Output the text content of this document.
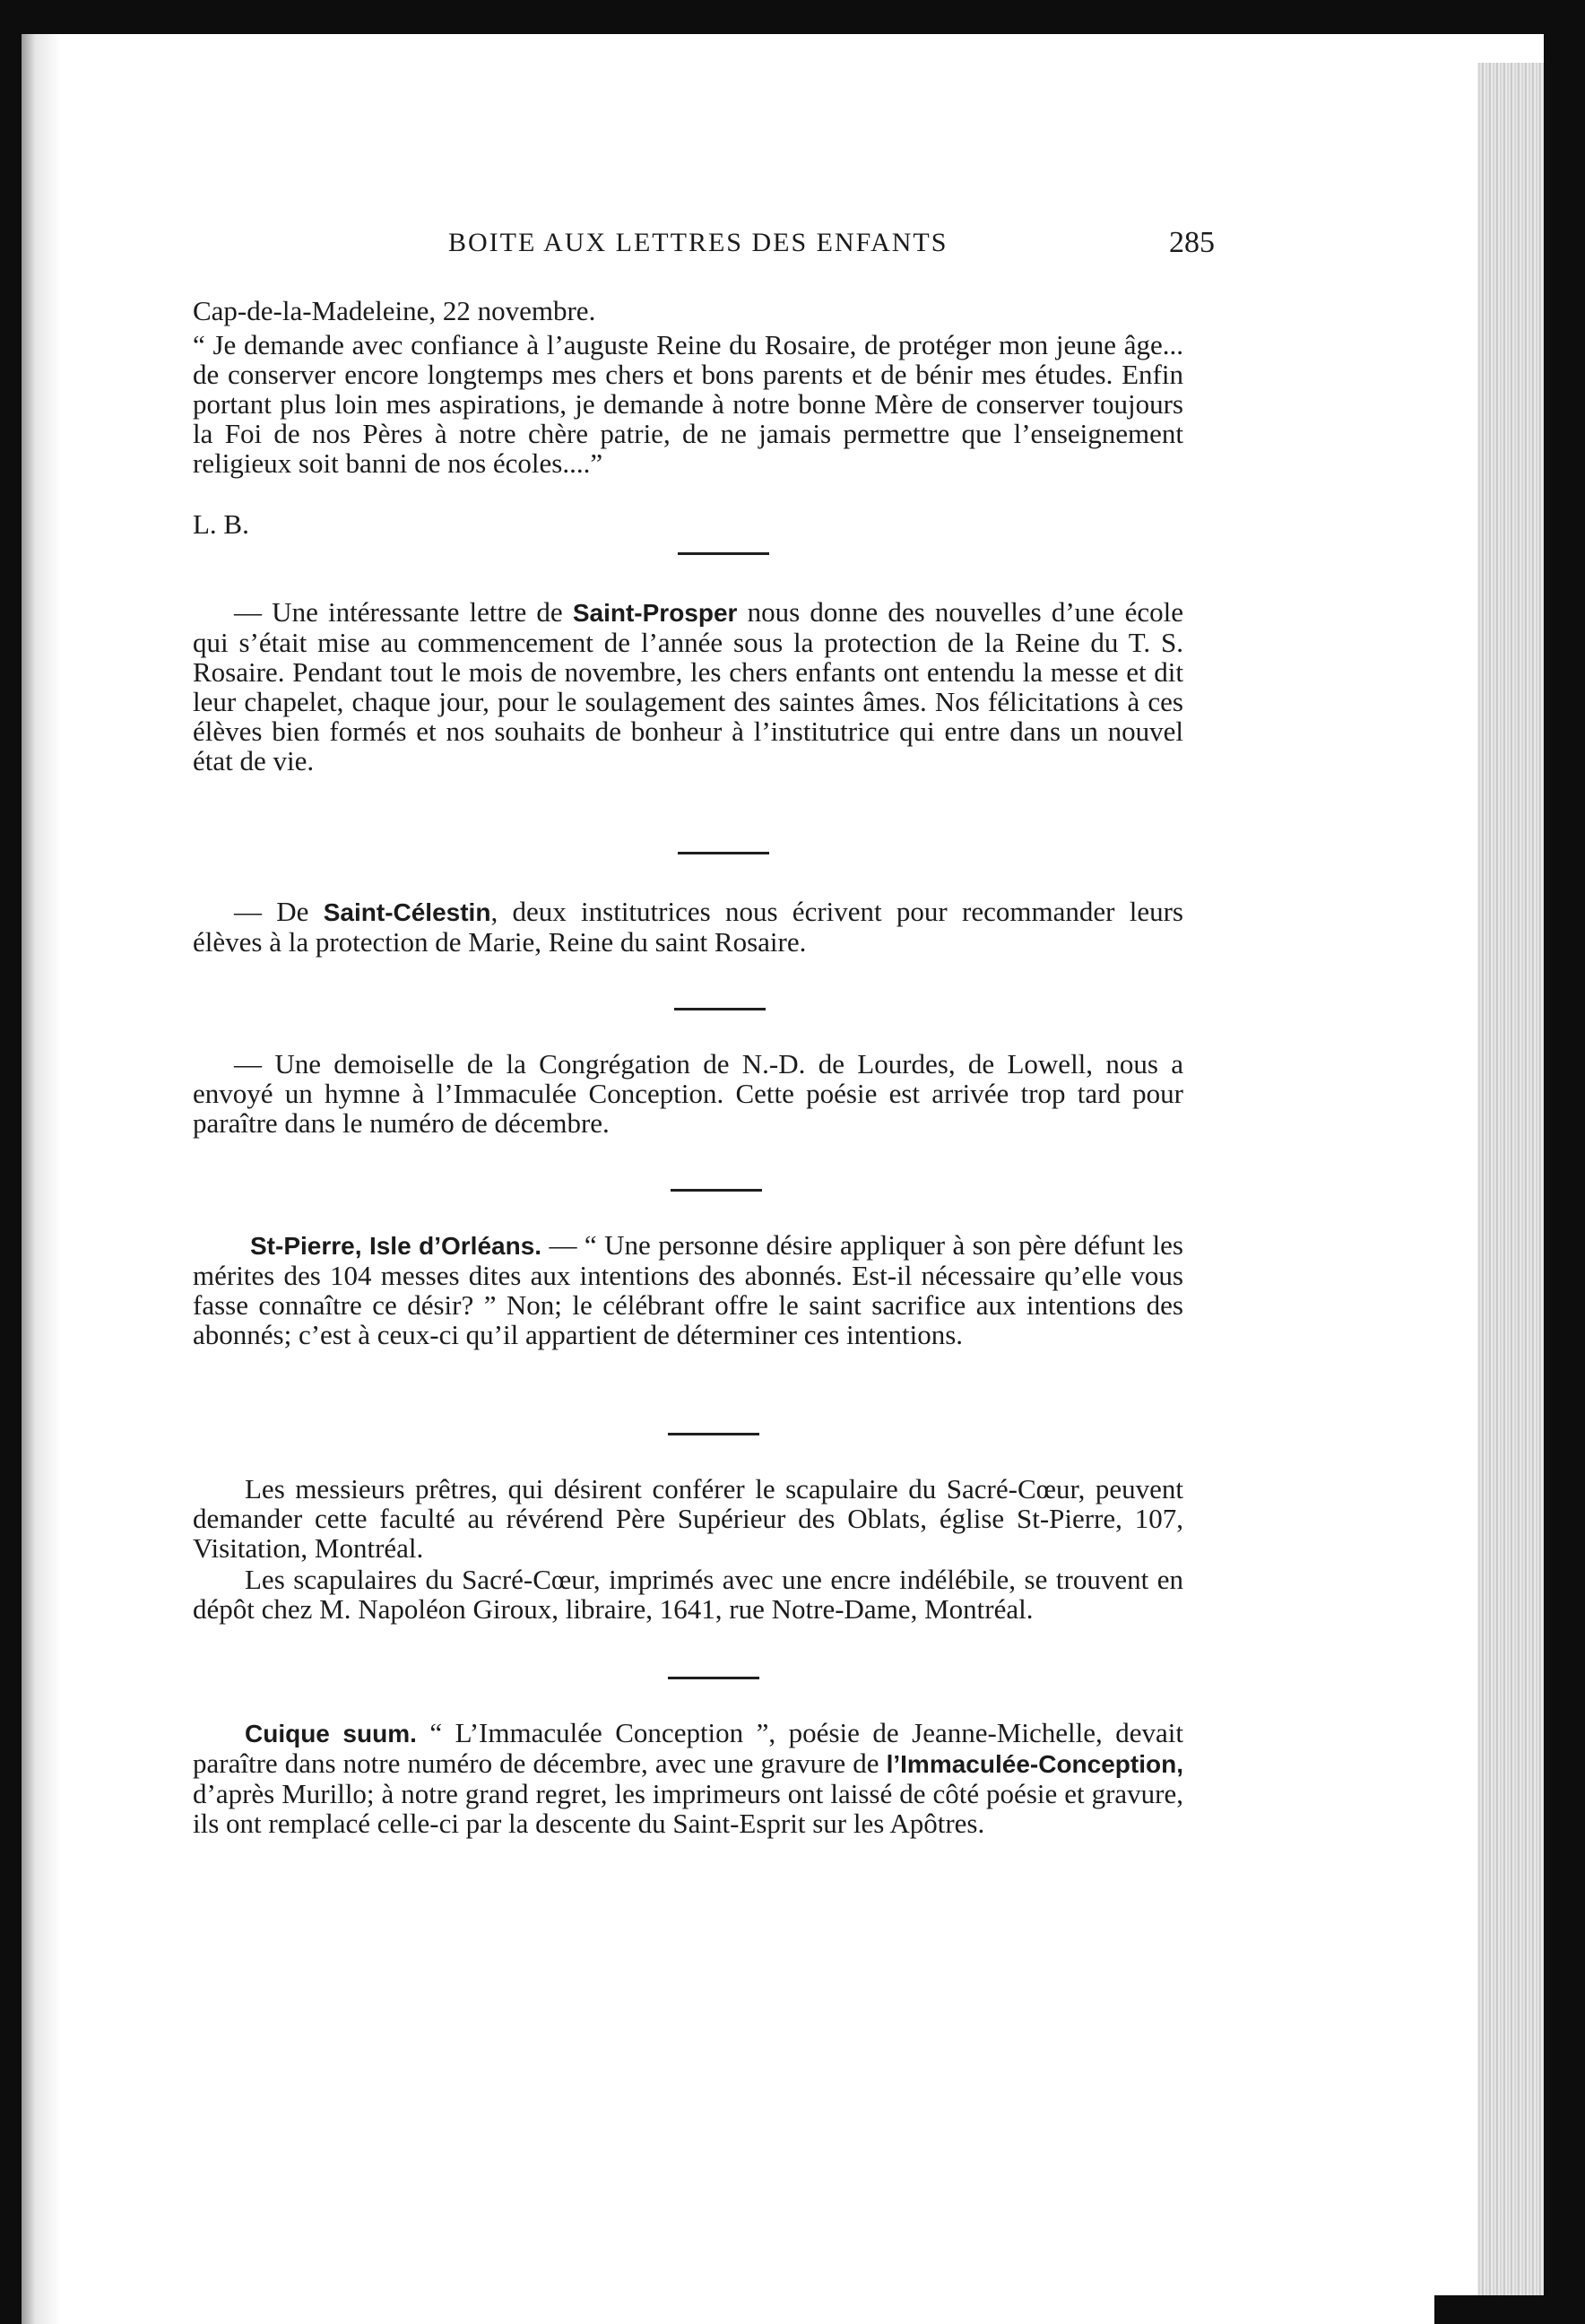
BOITE AUX LETTRES DES ENFANTS	285
Cap-de-la-Madeleine, 22 novembre.
“ Je demande avec confiance à l’auguste Reine du Rosaire, de protéger mon jeune âge... de conserver encore longtemps mes chers et bons parents et de bénir mes études. Enfin portant plus loin mes aspirations, je demande à notre bonne Mère de conserver toujours la Foi de nos Pères à notre chère patrie, de ne jamais permettre que l’enseignement religieux soit banni de nos écoles....”
L. B.
— Une intéressante lettre de Saint-Prosper nous donne des nouvelles d’une école qui s’était mise au commencement de l’année sous la protection de la Reine du T. S. Rosaire. Pendant tout le mois de novembre, les chers enfants ont entendu la messe et dit leur chapelet, chaque jour, pour le soulagement des saintes âmes. Nos félicitations à ces élèves bien formés et nos souhaits de bonheur à l’institutrice qui entre dans un nouvel état de vie.
— De Saint-Célestin, deux institutrices nous écrivent pour recommander leurs élèves à la protection de Marie, Reine du saint Rosaire.
— Une demoiselle de la Congrégation de N.-D. de Lourdes, de Lowell, nous a envoyé un hymne à l’Immaculée Conception. Cette poésie est arrivée trop tard pour paraître dans le numéro de décembre.
St-Pierre, Isle d’Orléans. — “ Une personne désire appliquer à son père défunt les mérites des 104 messes dites aux intentions des abonnés. Est-il nécessaire qu’elle vous fasse connaître ce désir? ” Non; le célébrant offre le saint sacrifice aux intentions des abonnés; c’est à ceux-ci qu’il appartient de déterminer ces intentions.
Les messieurs prêtres, qui désirent conférer le scapulaire du Sacré-Cœur, peuvent demander cette faculté au révérend Père Supérieur des Oblats, église St-Pierre, 107, Visitation, Montréal.
Les scapulaires du Sacré-Cœur, imprimés avec une encre indélébile, se trouvent en dépôt chez M. Napoléon Giroux, libraire, 1641, rue Notre-Dame, Montréal.
Cuique suum. “ L’Immaculée Conception ”, poésie de Jeanne-Michelle, devait paraître dans notre numéro de décembre, avec une gravure de l’Immaculée-Conception, d’après Murillo; à notre grand regret, les imprimeurs ont laissé de côté poésie et gravure, ils ont remplacé celle-ci par la descente du Saint-Esprit sur les Apôtres.
